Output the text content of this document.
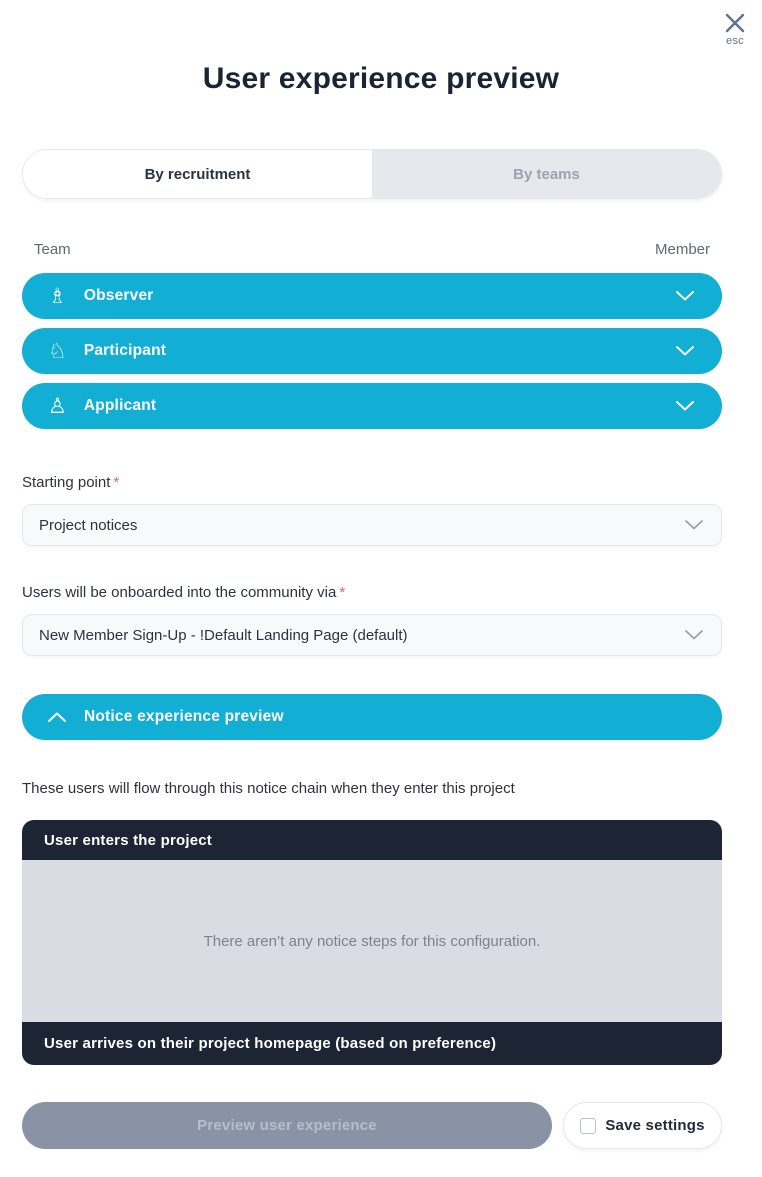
esc
User experience preview
By recruitment	By teams
Team	Member
♗ Observer
♘ Participant
♙ Applicant
Starting point *
Project notices
Users will be onboarded into the community via *
New Member Sign-Up - !Default Landing Page (default)
Notice experience preview

These users will flow through this notice chain when they enter this project

User enters the project
There aren’t any notice steps for this configuration.
User arrives on their project homepage (based on preference)
Preview user experience	Save settings
